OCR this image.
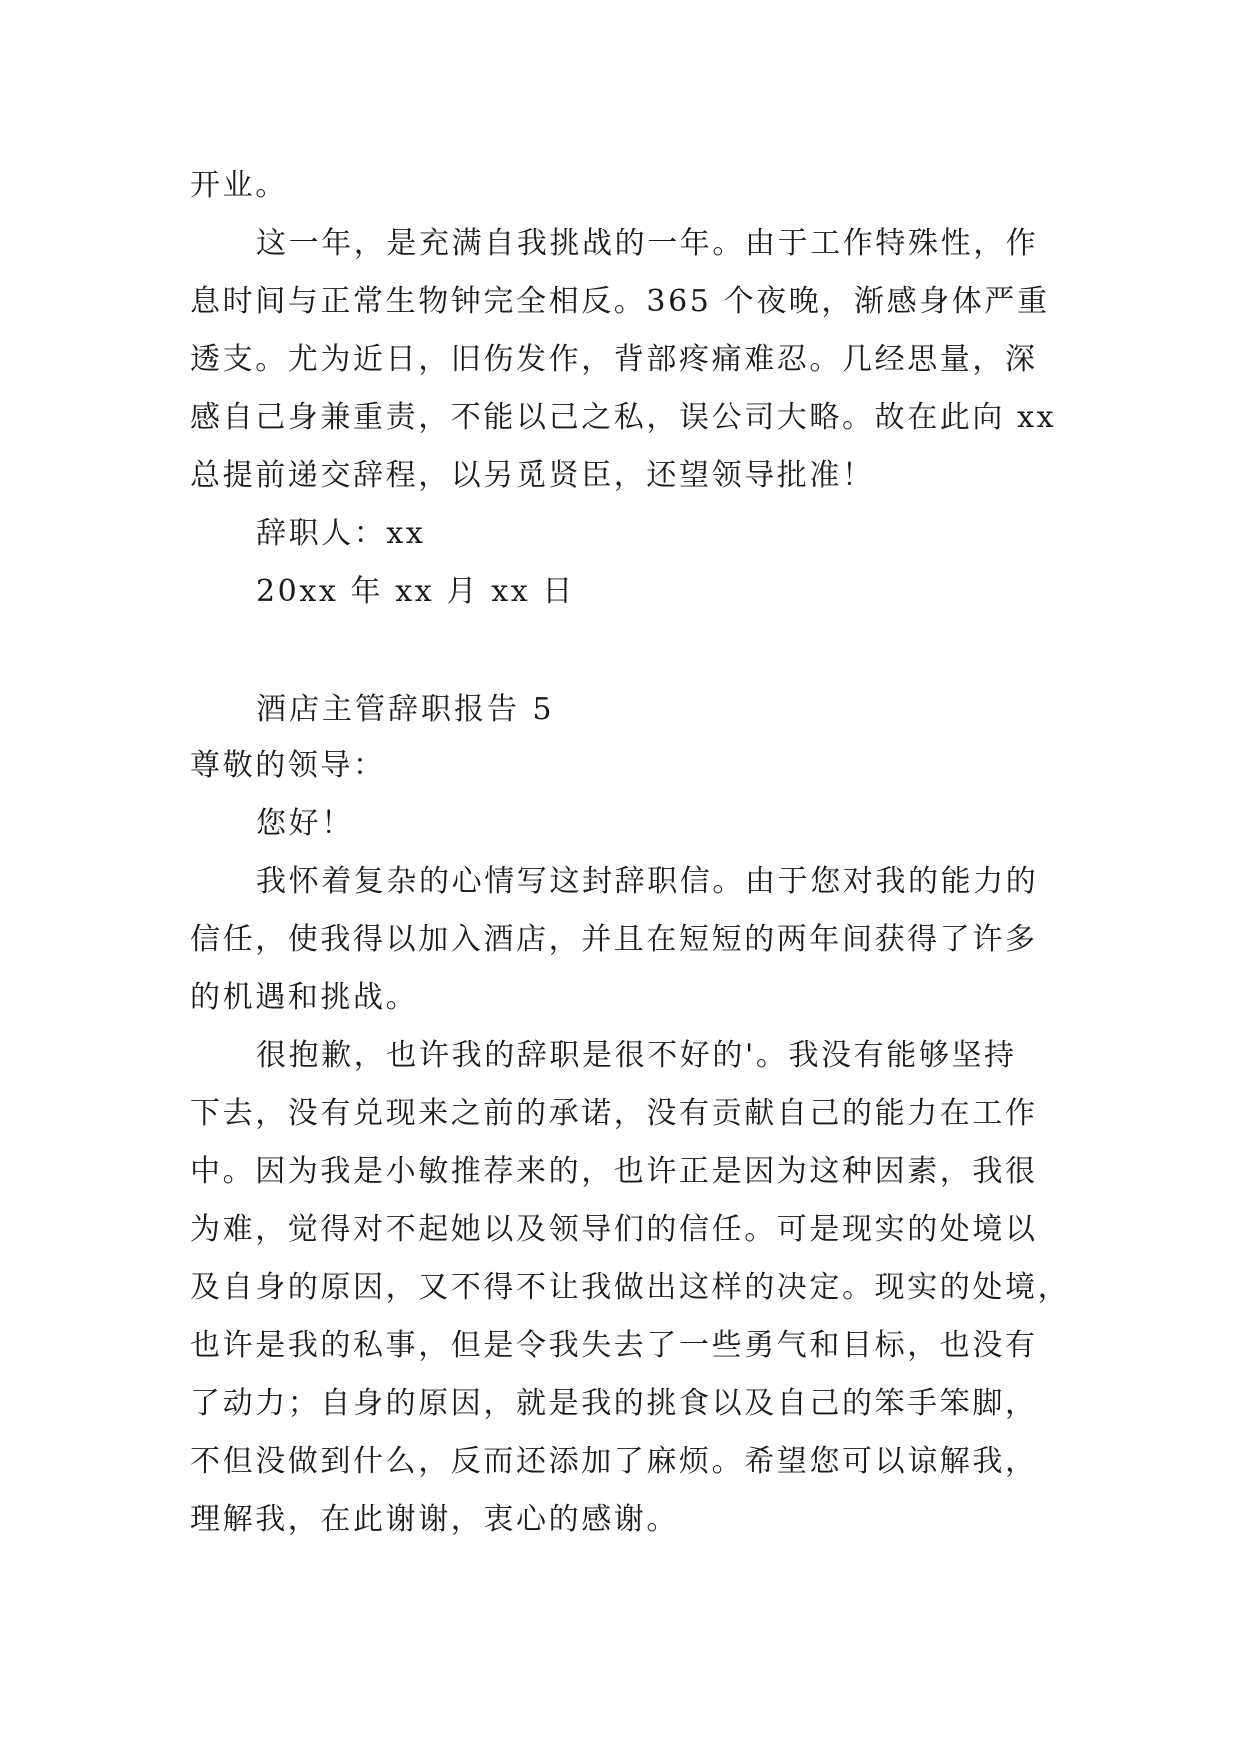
开业。
这一年，是充满自我挑战的一年。由于工作特殊性，作
息时间与正常生物钟完全相反。365 个夜晚，渐感身体严重
透支。尤为近日，旧伤发作，背部疼痛难忍。几经思量，深
感自己身兼重责，不能以己之私，误公司大略。故在此向 xx
总提前递交辞程，以另觅贤臣，还望领导批准！
辞职人：xx
20xx 年 xx 月 xx 日
酒店主管辞职报告 5
尊敬的领导：
您好！
我怀着复杂的心情写这封辞职信。由于您对我的能力的
信任，使我得以加入酒店，并且在短短的两年间获得了许多
的机遇和挑战。
很抱歉，也许我的辞职是很不好的'。我没有能够坚持
下去，没有兑现来之前的承诺，没有贡献自己的能力在工作
中。因为我是小敏推荐来的，也许正是因为这种因素，我很
为难，觉得对不起她以及领导们的信任。可是现实的处境以
及自身的原因，又不得不让我做出这样的决定。现实的处境，
也许是我的私事，但是令我失去了一些勇气和目标，也没有
了动力；自身的原因，就是我的挑食以及自己的笨手笨脚，
不但没做到什么，反而还添加了麻烦。希望您可以谅解我，
理解我，在此谢谢，衷心的感谢。
